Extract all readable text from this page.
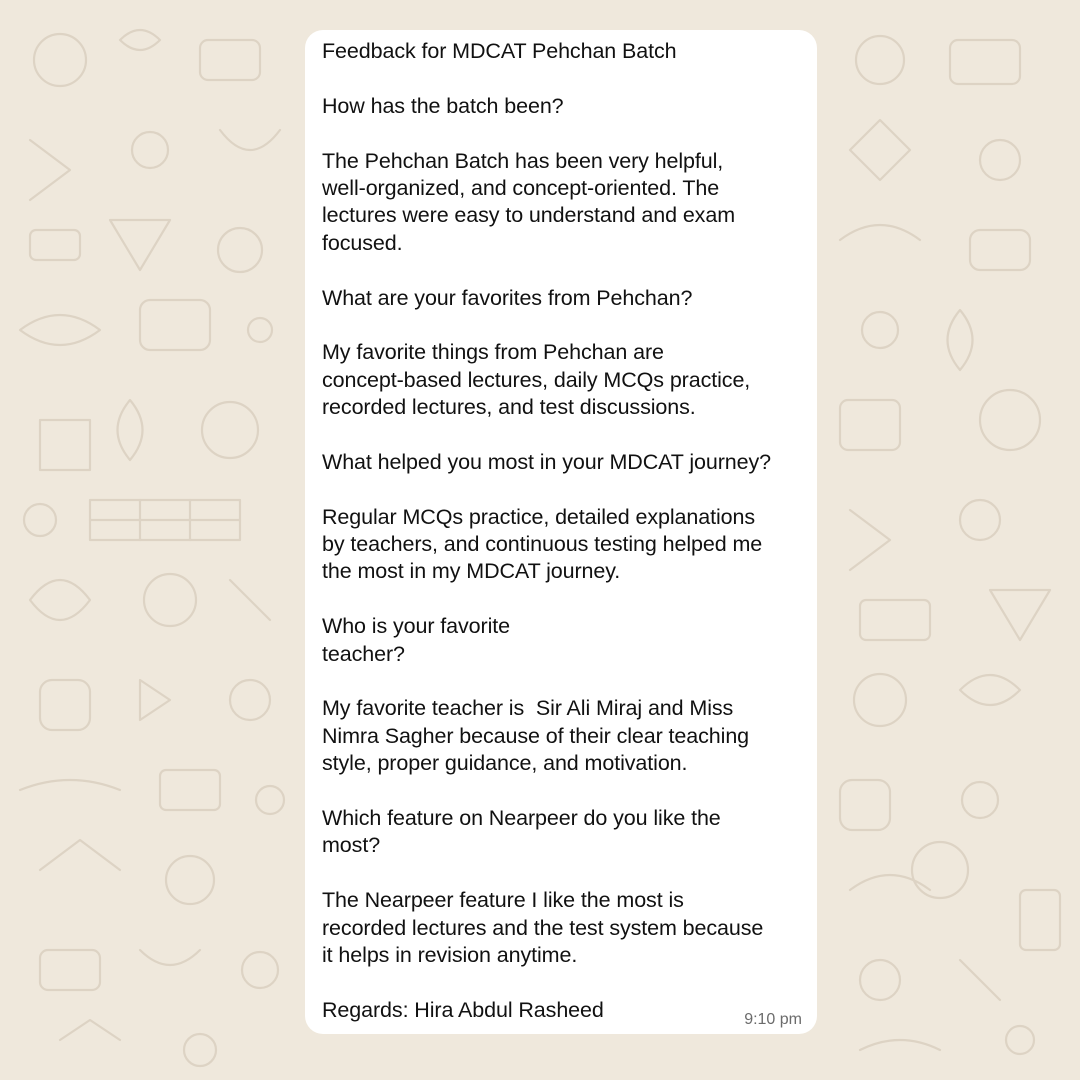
Feedback for MDCAT Pehchan Batch
How has the batch been?
The Pehchan Batch has been very helpful,
well-organized, and concept-oriented. The
lectures were easy to understand and exam
focused.
What are your favorites from Pehchan?
My favorite things from Pehchan are
concept-based lectures, daily MCQs practice,
recorded lectures, and test discussions.
What helped you most in your MDCAT journey?
Regular MCQs practice, detailed explanations
by teachers, and continuous testing helped me
the most in my MDCAT journey.
Who is your favorite
teacher?
My favorite teacher is  Sir Ali Miraj and Miss
Nimra Sagher because of their clear teaching
style, proper guidance, and motivation.
Which feature on Nearpeer do you like the
most?
The Nearpeer feature I like the most is
recorded lectures and the test system because
it helps in revision anytime.
Regards: Hira Abdul Rasheed	9:10 pm
